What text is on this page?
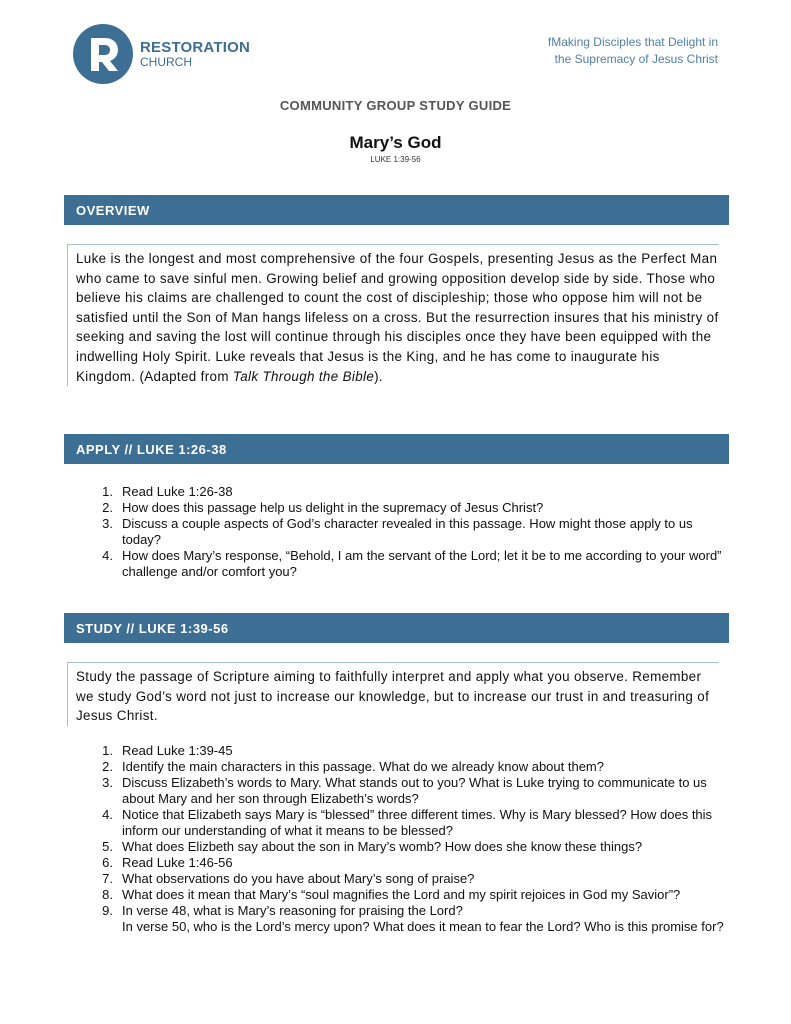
RESTORATION
CHURCH
fMaking Disciples that Delight in
the Supremacy of Jesus Christ
COMMUNITY GROUP STUDY GUIDE
Mary’s God
LUKE 1:39-56
OVERVIEW
Luke is the longest and most comprehensive of the four Gospels, presenting Jesus as the Perfect Man who came to save sinful men. Growing belief and growing opposition develop side by side. Those who believe his claims are challenged to count the cost of discipleship; those who oppose him will not be satisfied until the Son of Man hangs lifeless on a cross. But the resurrection insures that his ministry of seeking and saving the lost will continue through his disciples once they have been equipped with the indwelling Holy Spirit. Luke reveals that Jesus is the King, and he has come to inaugurate his Kingdom. (Adapted from Talk Through the Bible).
APPLY // LUKE 1:26-38
1. Read Luke 1:26-38
2. How does this passage help us delight in the supremacy of Jesus Christ?
3. Discuss a couple aspects of God’s character revealed in this passage. How might those apply to us today?
4. How does Mary’s response, “Behold, I am the servant of the Lord; let it be to me according to your word” challenge and/or comfort you?
STUDY // LUKE 1:39-56
Study the passage of Scripture aiming to faithfully interpret and apply what you observe. Remember we study God’s word not just to increase our knowledge, but to increase our trust in and treasuring of Jesus Christ.
1. Read Luke 1:39-45
2. Identify the main characters in this passage. What do we already know about them?
3. Discuss Elizabeth’s words to Mary. What stands out to you? What is Luke trying to communicate to us about Mary and her son through Elizabeth’s words?
4. Notice that Elizabeth says Mary is “blessed” three different times. Why is Mary blessed? How does this inform our understanding of what it means to be blessed?
5. What does Elizbeth say about the son in Mary’s womb? How does she know these things?
6. Read Luke 1:46-56
7. What observations do you have about Mary’s song of praise?
8. What does it mean that Mary’s “soul magnifies the Lord and my spirit rejoices in God my Savior”?
9. In verse 48, what is Mary’s reasoning for praising the Lord?
In verse 50, who is the Lord’s mercy upon? What does it mean to fear the Lord? Who is this promise for?
